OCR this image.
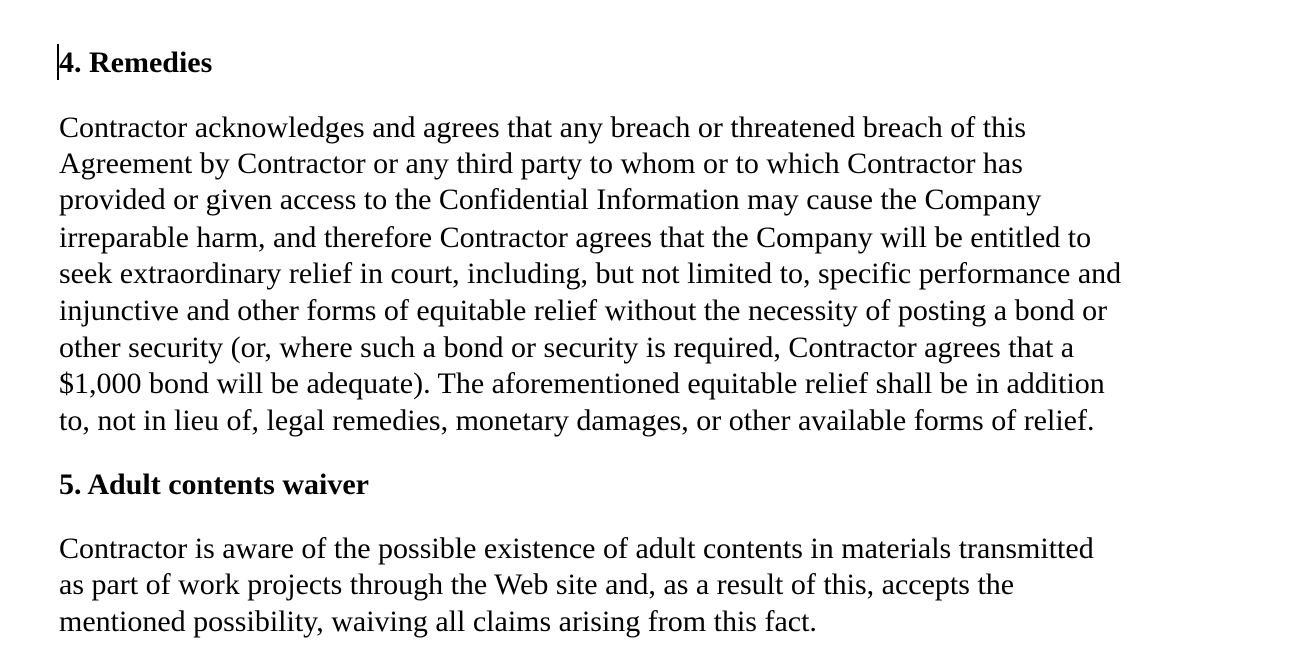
4. Remedies

Contractor acknowledges and agrees that any breach or threatened breach of this

Agreement by Contractor or any third party to whom or to which Contractor has

provided or given access to the Confidential Information may cause the Company

irreparable harm, and therefore Contractor agrees that the Company will be entitled to

seek extraordinary relief in court, including, but not limited to, specific performance and

injunctive and other forms of equitable relief without the necessity of posting a bond or

other security (or, where such a bond or security is required, Contractor agrees that a

$1,000 bond will be adequate). The aforementioned equitable relief shall be in addition

to, not in lieu of, legal remedies, monetary damages, or other available forms of relief.

5. Adult contents waiver

Contractor is aware of the possible existence of adult contents in materials transmitted

as part of work projects through the Web site and, as a result of this, accepts the

mentioned possibility, waiving all claims arising from this fact.
